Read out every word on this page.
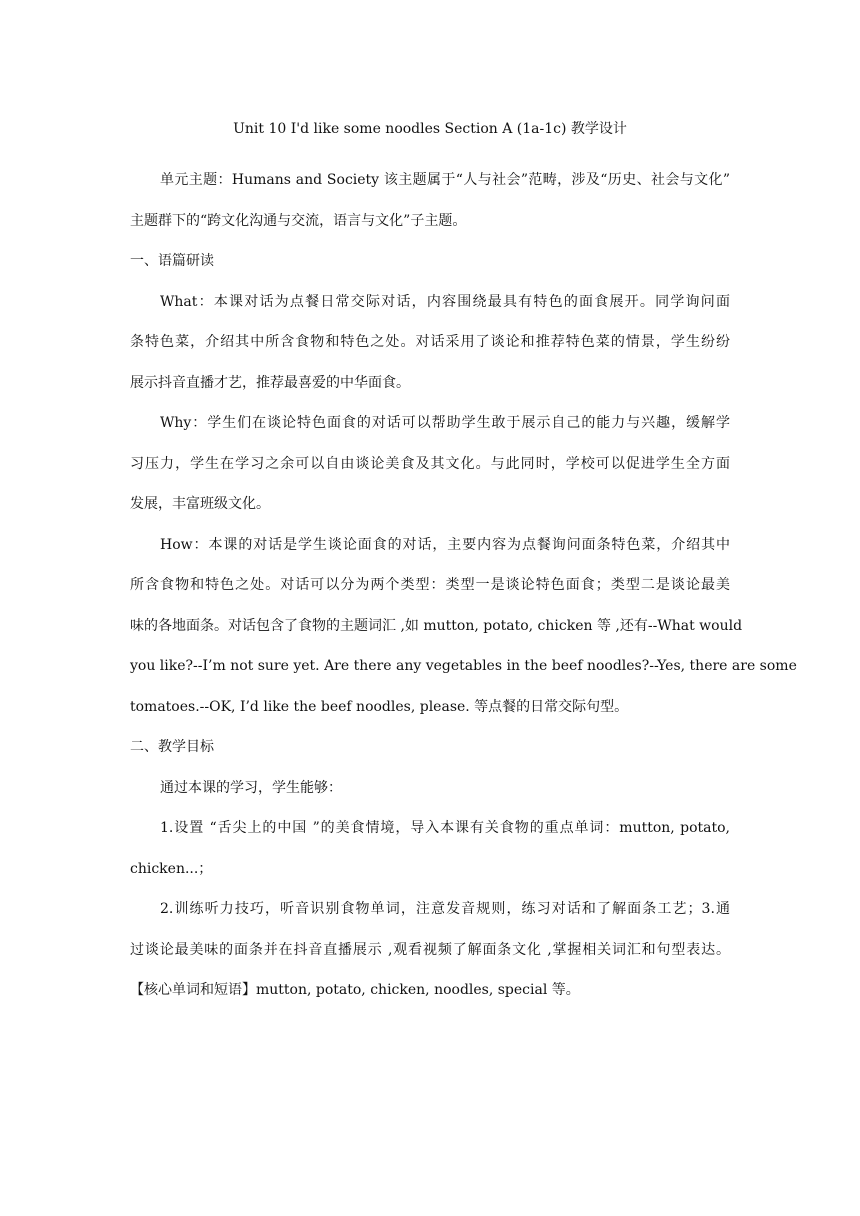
Unit 10 I'd like some noodles Section A (1a-1c) 教学设计
单元主题：Humans and Society 该主题属于“人与社会”范畴，涉及“历史、社会与文化”
主题群下的“跨文化沟通与交流，语言与文化”子主题。
一、语篇研读
What：本课对话为点餐日常交际对话，内容围绕最具有特色的面食展开。同学询问面
条特色菜，介绍其中所含食物和特色之处。对话采用了谈论和推荐特色菜的情景，学生纷纷
展示抖音直播才艺，推荐最喜爱的中华面食。
Why：学生们在谈论特色面食的对话可以帮助学生敢于展示自己的能力与兴趣，缓解学
习压力，学生在学习之余可以自由谈论美食及其文化。与此同时，学校可以促进学生全方面
发展，丰富班级文化。
How：本课的对话是学生谈论面食的对话，主要内容为点餐询问面条特色菜，介绍其中
所含食物和特色之处。对话可以分为两个类型：类型一是谈论特色面食；类型二是谈论最美
味的各地面条。对话包含了食物的主题词汇 ,如 mutton, potato, chicken 等 ,还有--What would
you like?--I’m not sure yet. Are there any vegetables in the beef noodles?--Yes, there are some
tomatoes.--OK, I’d like the beef noodles, please. 等点餐的日常交际句型。
二、教学目标
通过本课的学习，学生能够：
1.设置 “舌尖上的中国 ”的美食情境，导入本课有关食物的重点单词：mutton, potato,
chicken...；
2.训练听力技巧，听音识别食物单词，注意发音规则，练习对话和了解面条工艺；3.通
过谈论最美味的面条并在抖音直播展示 ,观看视频了解面条文化 ,掌握相关词汇和句型表达。
【核心单词和短语】mutton, potato, chicken, noodles, special 等。
